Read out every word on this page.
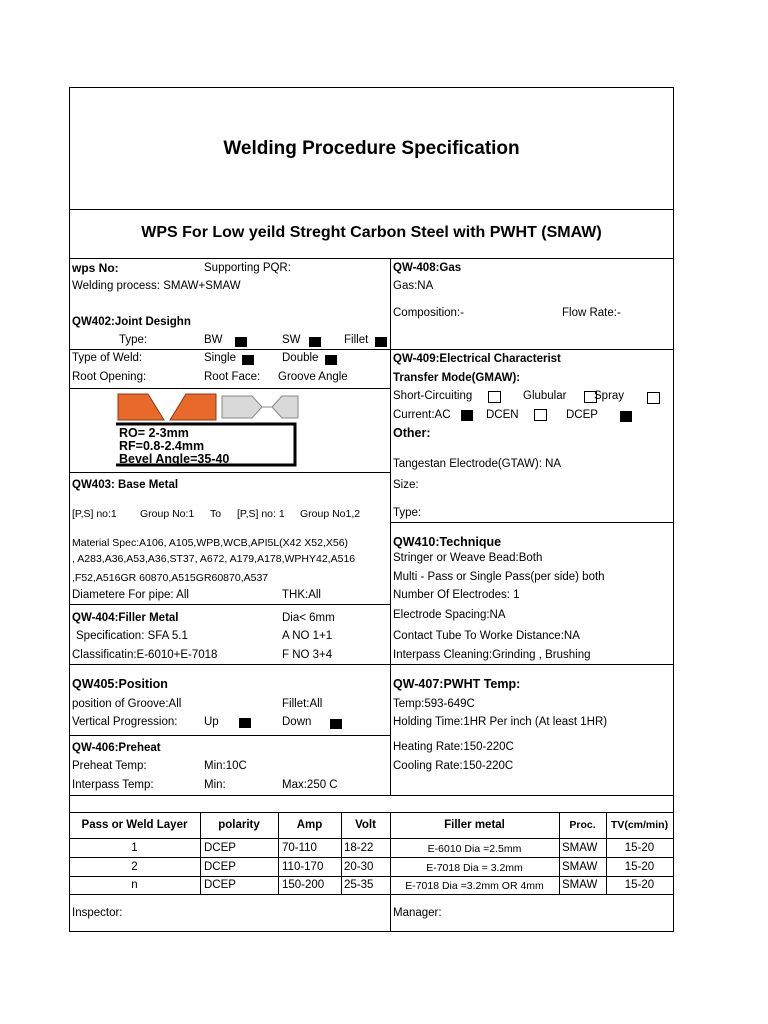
Welding Procedure Specification
WPS For Low yeild Streght Carbon Steel with PWHT (SMAW)
wps No:	Supporting PQR:
Welding process: SMAW+SMAW
QW402:Joint Desighn
Type:	BW	SW	Fillet
Type of Weld:	Single	Double
Root Opening:	Root Face: Groove Angle
RO= 2-3mm
RF=0.8-2.4mm
Bevel Angle=35-40
QW403: Base Metal
[P,S] no:1 Group No:1 To [P,S] no: 1 Group No1,2
Material Spec:A106, A105,WPB,WCB,API5L(X42 X52,X56)
, A283,A36,A53,A36,ST37, A672, A179,A178,WPHY42,A516
,F52,A516GR 60870,A515GR60870,A537
Diametere For pipe: All	THK:All
QW-404:Filler Metal	Dia< 6mm
Specification: SFA 5.1	A NO 1+1
Classificatin:E-6010+E-7018	F NO 3+4
QW405:Position
position of Groove:All	Fillet:All
Vertical Progression: Up	Down
QW-406:Preheat
Preheat Temp:	Min:10C
Interpass Temp:	Min:	Max:250 C
QW-408:Gas
Gas:NA
Composition:-	Flow Rate:-
QW-409:Electrical Characterist
Transfer Mode(GMAW):
Short-Circuiting	Glubular Spray
Current:AC	DCEN	DCEP
Other:
Tangestan Electrode(GTAW): NA
Size:
Type:
QW410:Technique
Stringer or Weave Bead:Both
Multi - Pass or Single Pass(per side) both
Number Of Electrodes: 1
Electrode Spacing:NA
Contact Tube To Worke Distance:NA
Interpass Cleaning:Grinding , Brushing
QW-407:PWHT Temp:
Temp:593-649C
Holding Time:1HR Per inch (At least 1HR)
Heating Rate:150-220C
Cooling Rate:150-220C
Pass or Weld Layer	polarity	Amp	Volt	Filler metal	Proc.	TV(cm/min)
1	DCEP	70-110 18-22	E-6010 Dia =2.5mm	SMAW	15-20
2	DCEP	110-170 20-30	E-7018 Dia = 3.2mm	SMAW	15-20
n	DCEP	150-200 25-35	E-7018 Dia =3.2mm OR 4mm	SMAW	15-20
Inspector:	Manager:
